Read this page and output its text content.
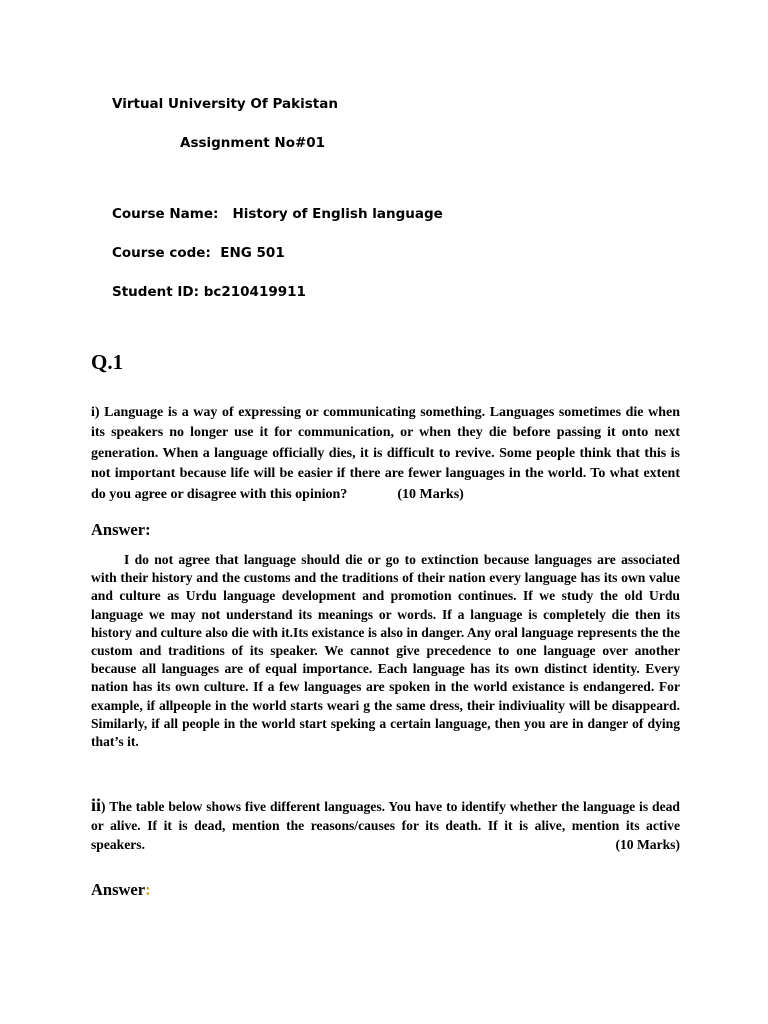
Virtual University Of Pakistan
Assignment No#01
Course Name:   History of English language
Course code:  ENG 501
Student ID: bc210419911
Q.1
i) Language is a way of expressing or communicating something. Languages sometimes die when its speakers no longer use it for communication, or when they die before passing it onto next generation. When a language officially dies, it is difficult to revive. Some people think that this is not important because life will be easier if there are fewer languages in the world. To what extent do you agree or disagree with this opinion?	(10 Marks)
Answer:
I do not agree that language should die or go to extinction because languages are associated with their history and the customs and the traditions of their nation every language has its own value and culture as Urdu language development and promotion continues. If we study the old Urdu language we may not understand its meanings or words. If a language is completely die then its history and culture also die with it.Its existance is also in danger. Any oral language represents the the custom and traditions of its speaker. We cannot give precedence to one language over another because all languages are of equal importance. Each language has its own distinct identity. Every nation has its own culture. If a few languages are spoken in the world existance is endangered. For example, if allpeople in the world starts weari g the same dress, their indiviuality will be disappeard. Similarly, if all people in the world start speking a certain language, then you are in danger of dying that’s it.
ii) The table below shows five different languages. You have to identify whether the language is dead or alive. If it is dead, mention the reasons/causes for its death. If it is alive, mention its active speakers.	(10 Marks)
Answer:
